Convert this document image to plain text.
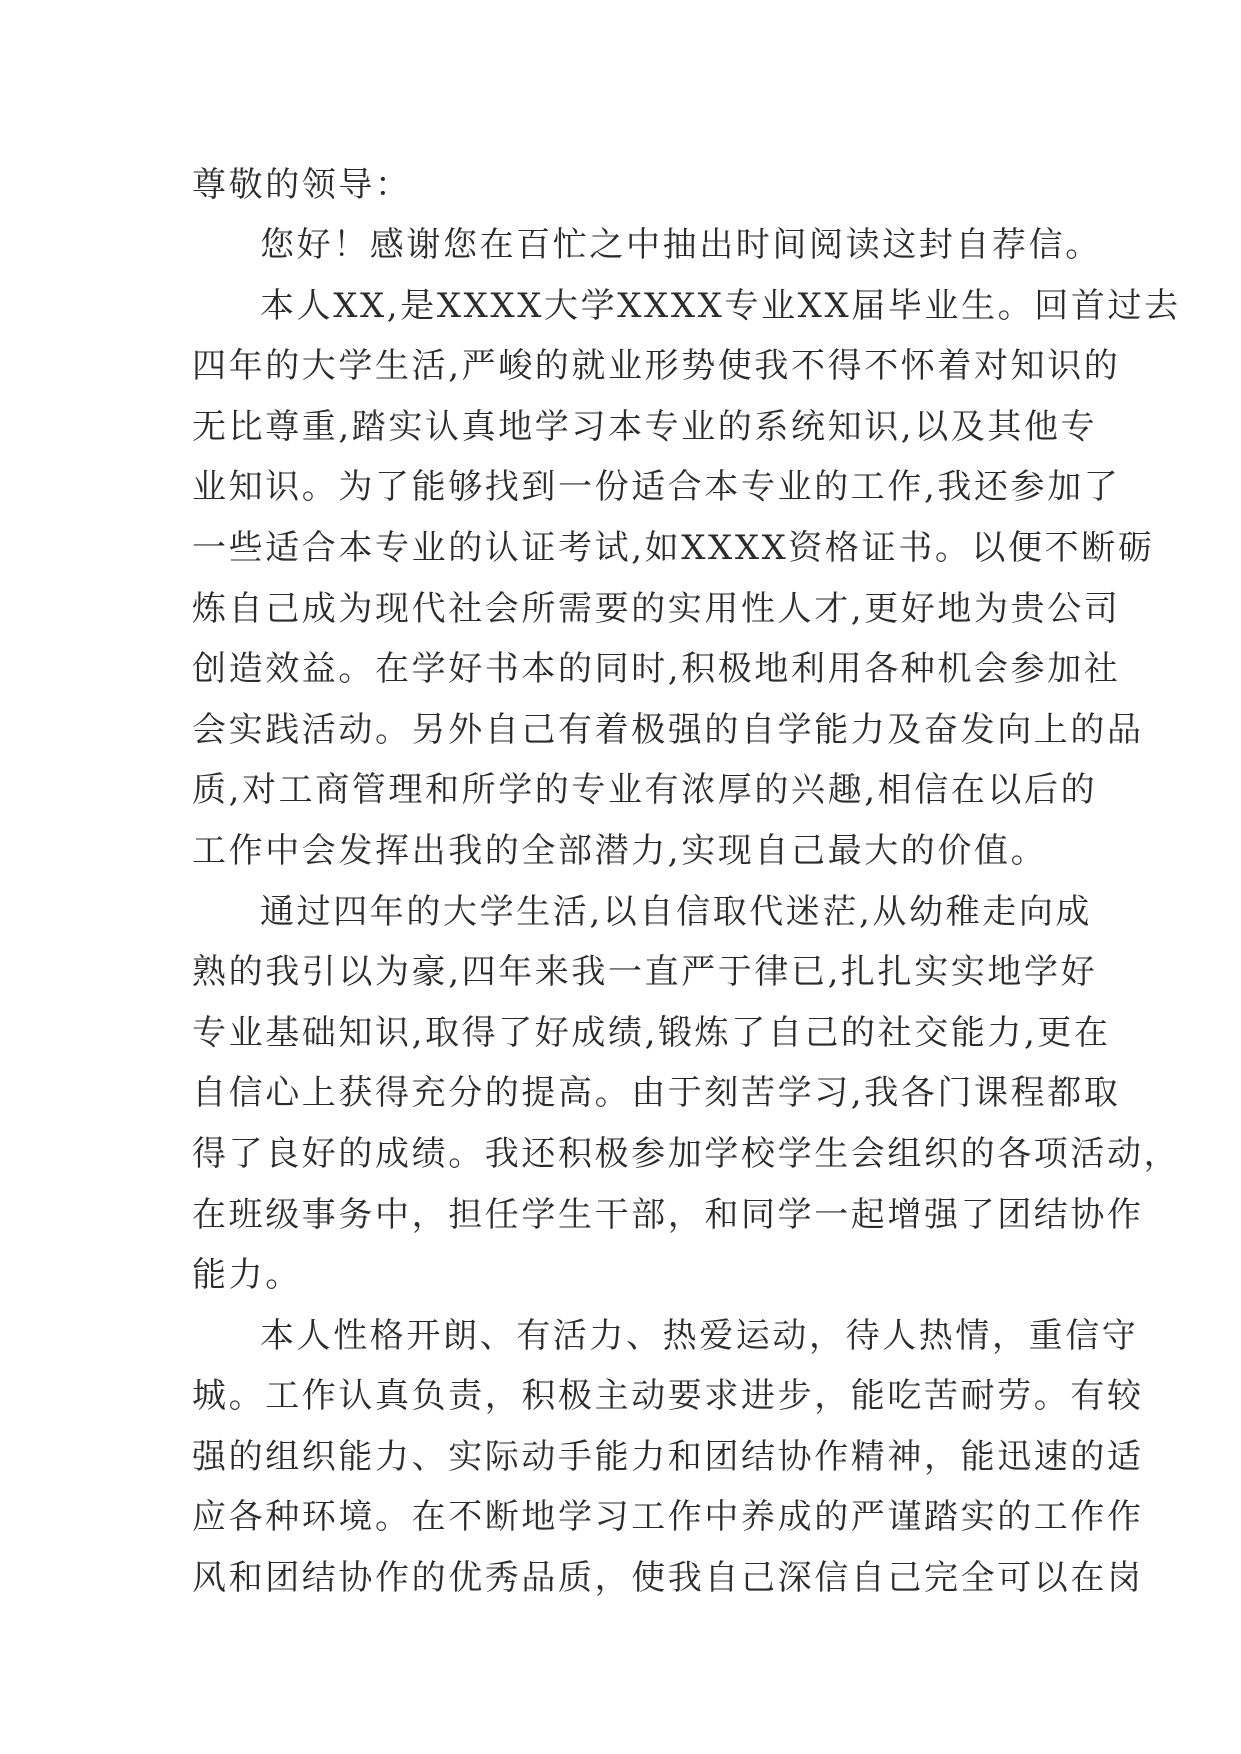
尊敬的领导：
您好！感谢您在百忙之中抽出时间阅读这封自荐信。
本人XX,是XXXX大学XXXX专业XX届毕业生。回首过去
四年的大学生活,严峻的就业形势使我不得不怀着对知识的
无比尊重,踏实认真地学习本专业的系统知识,以及其他专
业知识。为了能够找到一份适合本专业的工作,我还参加了
一些适合本专业的认证考试,如XXXX资格证书。以便不断砺
炼自己成为现代社会所需要的实用性人才,更好地为贵公司
创造效益。在学好书本的同时,积极地利用各种机会参加社
会实践活动。另外自己有着极强的自学能力及奋发向上的品
质,对工商管理和所学的专业有浓厚的兴趣,相信在以后的
工作中会发挥出我的全部潜力,实现自己最大的价值。
通过四年的大学生活,以自信取代迷茫,从幼稚走向成
熟的我引以为豪,四年来我一直严于律已,扎扎实实地学好
专业基础知识,取得了好成绩,锻炼了自己的社交能力,更在
自信心上获得充分的提高。由于刻苦学习,我各门课程都取
得了良好的成绩。我还积极参加学校学生会组织的各项活动，
在班级事务中，担任学生干部，和同学一起增强了团结协作
能力。
本人性格开朗、有活力、热爱运动，待人热情，重信守
城。工作认真负责，积极主动要求进步，能吃苦耐劳。有较
强的组织能力、实际动手能力和团结协作精神，能迅速的适
应各种环境。在不断地学习工作中养成的严谨踏实的工作作
风和团结协作的优秀品质，使我自己深信自己完全可以在岗
